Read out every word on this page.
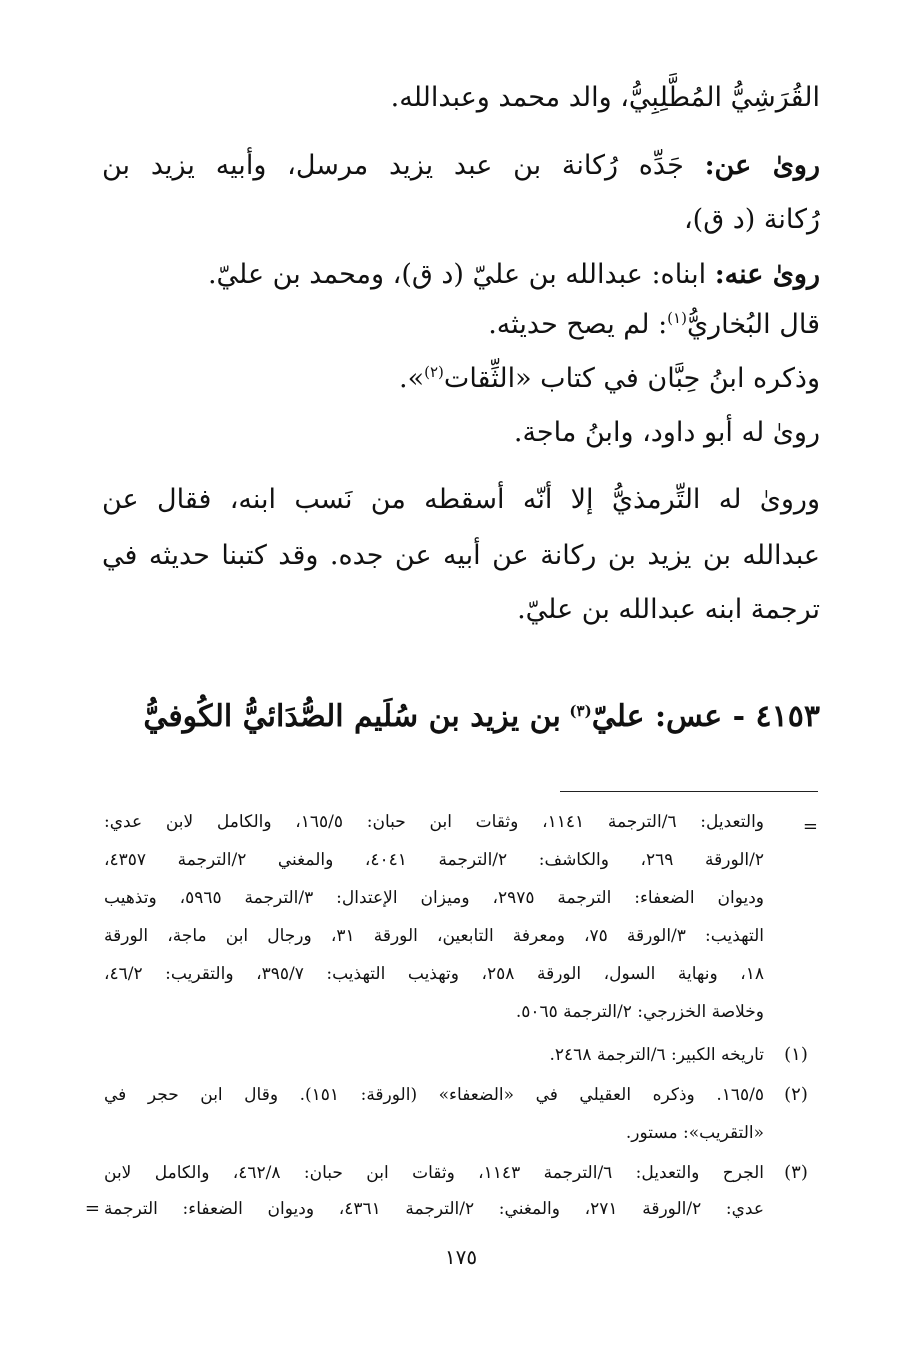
القُرَشِيُّ المُطَّلِبِيُّ، والد محمد وعبدالله.
روىٰ عن: جَدِّه رُكانة بن عبد يزيد مرسل، وأبيه يزيد بن
رُكانة (د ق)،
روىٰ عنه: ابناه: عبدالله بن عليّ (د ق)، ومحمد بن عليّ.
قال البُخاريُّ$^{(١)}$: لم يصح حديثه.
وذكره ابنُ حِبَّان في كتاب «الثِّقات$^{(٢)}$».
روىٰ له أبو داود، وابنُ ماجة.
وروىٰ له التِّرمذيُّ إلا أنّه أسقطه من نَسب ابنه، فقال عن
عبدالله بن يزيد بن ركانة عن أبيه عن جده. وقد كتبنا حديثه في
ترجمة ابنه عبدالله بن عليّ.
٤١٥٣ - عس: عليّ$^{(٣)}$ بن يزيد بن سُلَيم الصُّدَائيُّ الكُوفيُّ
=
والتعديل: ٦/الترجمة ١١٤١، وثقات ابن حبان: ١٦٥/٥، والكامل لابن عدي:
٢/الورقة ٢٦٩، والكاشف: ٢/الترجمة ٤٠٤١، والمغني ٢/الترجمة ٤٣٥٧،
وديوان الضعفاء: الترجمة ٢٩٧٥، وميزان الإعتدال: ٣/الترجمة ٥٩٦٥، وتذهيب
التهذيب: ٣/الورقة ٧٥، ومعرفة التابعين، الورقة ٣١، ورجال ابن ماجة، الورقة
١٨، ونهاية السول، الورقة ٢٥٨، وتهذيب التهذيب: ٣٩٥/٧، والتقريب: ٤٦/٢،
وخلاصة الخزرجي: ٢/الترجمة ٥٠٦٥.
(١)
تاريخه الكبير: ٦/الترجمة ٢٤٦٨.
(٢)
١٦٥/٥. وذكره العقيلي في «الضعفاء» (الورقة: ١٥١). وقال ابن حجر في
«التقريب»: مستور.
(٣)
الجرح والتعديل: ٦/الترجمة ١١٤٣، وثقات ابن حبان: ٤٦٢/٨، والكامل لابن
عدي: ٢/الورقة ٢٧١، والمغني: ٢/الترجمة ٤٣٦١، وديوان الضعفاء: الترجمة
=
١٧٥
